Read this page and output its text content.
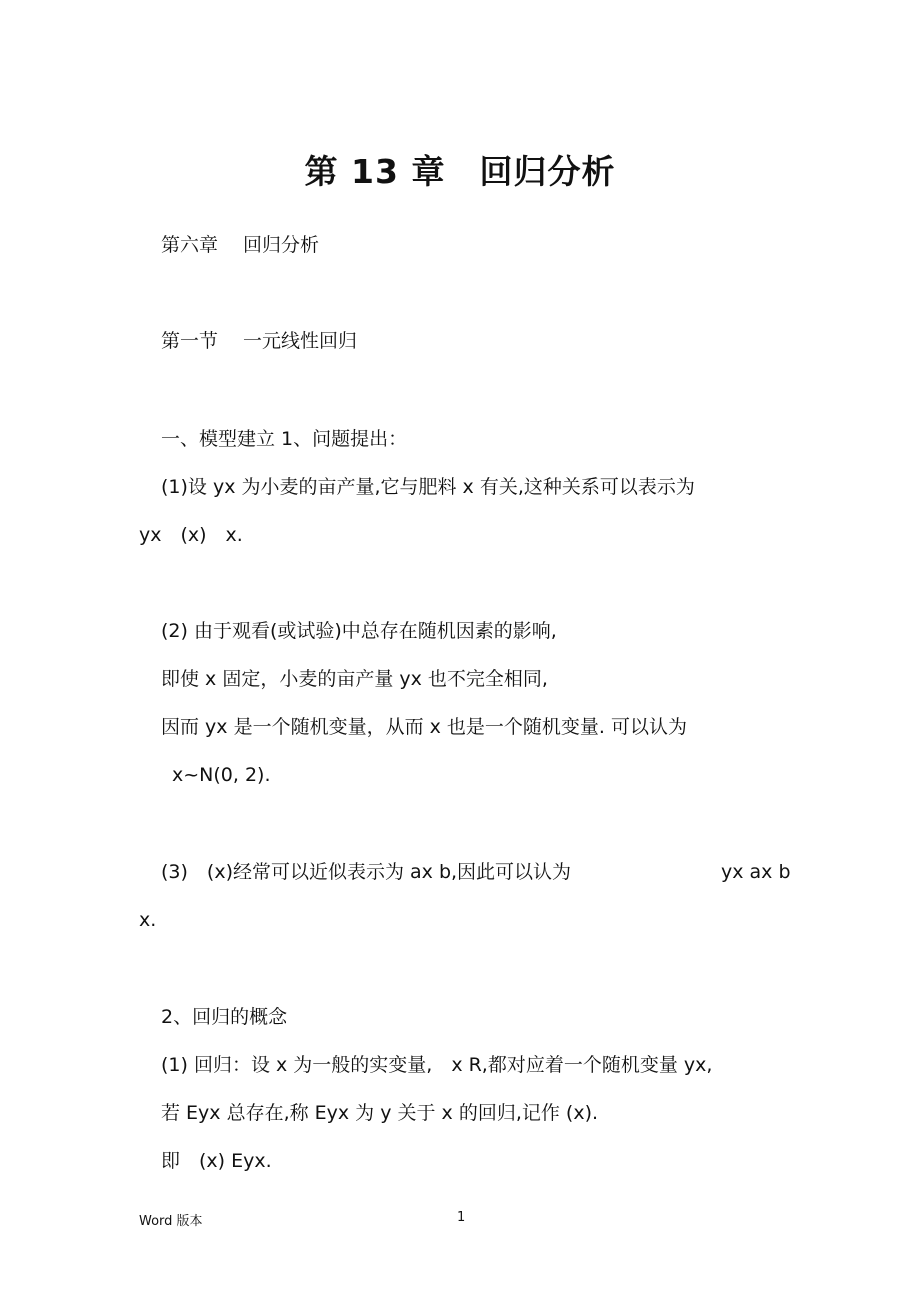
第 13 章　回归分析
第六章　 回归分析
第一节　 一元线性回归
一、模型建立 1、问题提出：
(1)设 yx 为小麦的亩产量,它与肥料 x 有关,这种关系可以表示为
yx　(x)　x.
(2) 由于观看(或试验)中总存在随机因素的影响,
即使 x 固定，小麦的亩产量 yx 也不完全相同,
因而 yx 是一个随机变量，从而 x 也是一个随机变量. 可以认为
x~N(0, 2).
(3)　(x)经常可以近似表示为 ax b,因此可以认为	yx ax b
x.
2、回归的概念
(1) 回归：设 x 为一般的实变量,　x R,都对应着一个随机变量 yx,
若 Eyx 总存在,称 Eyx 为 y 关于 x 的回归,记作 (x).
即　(x) Eyx.
Word 版本	1
